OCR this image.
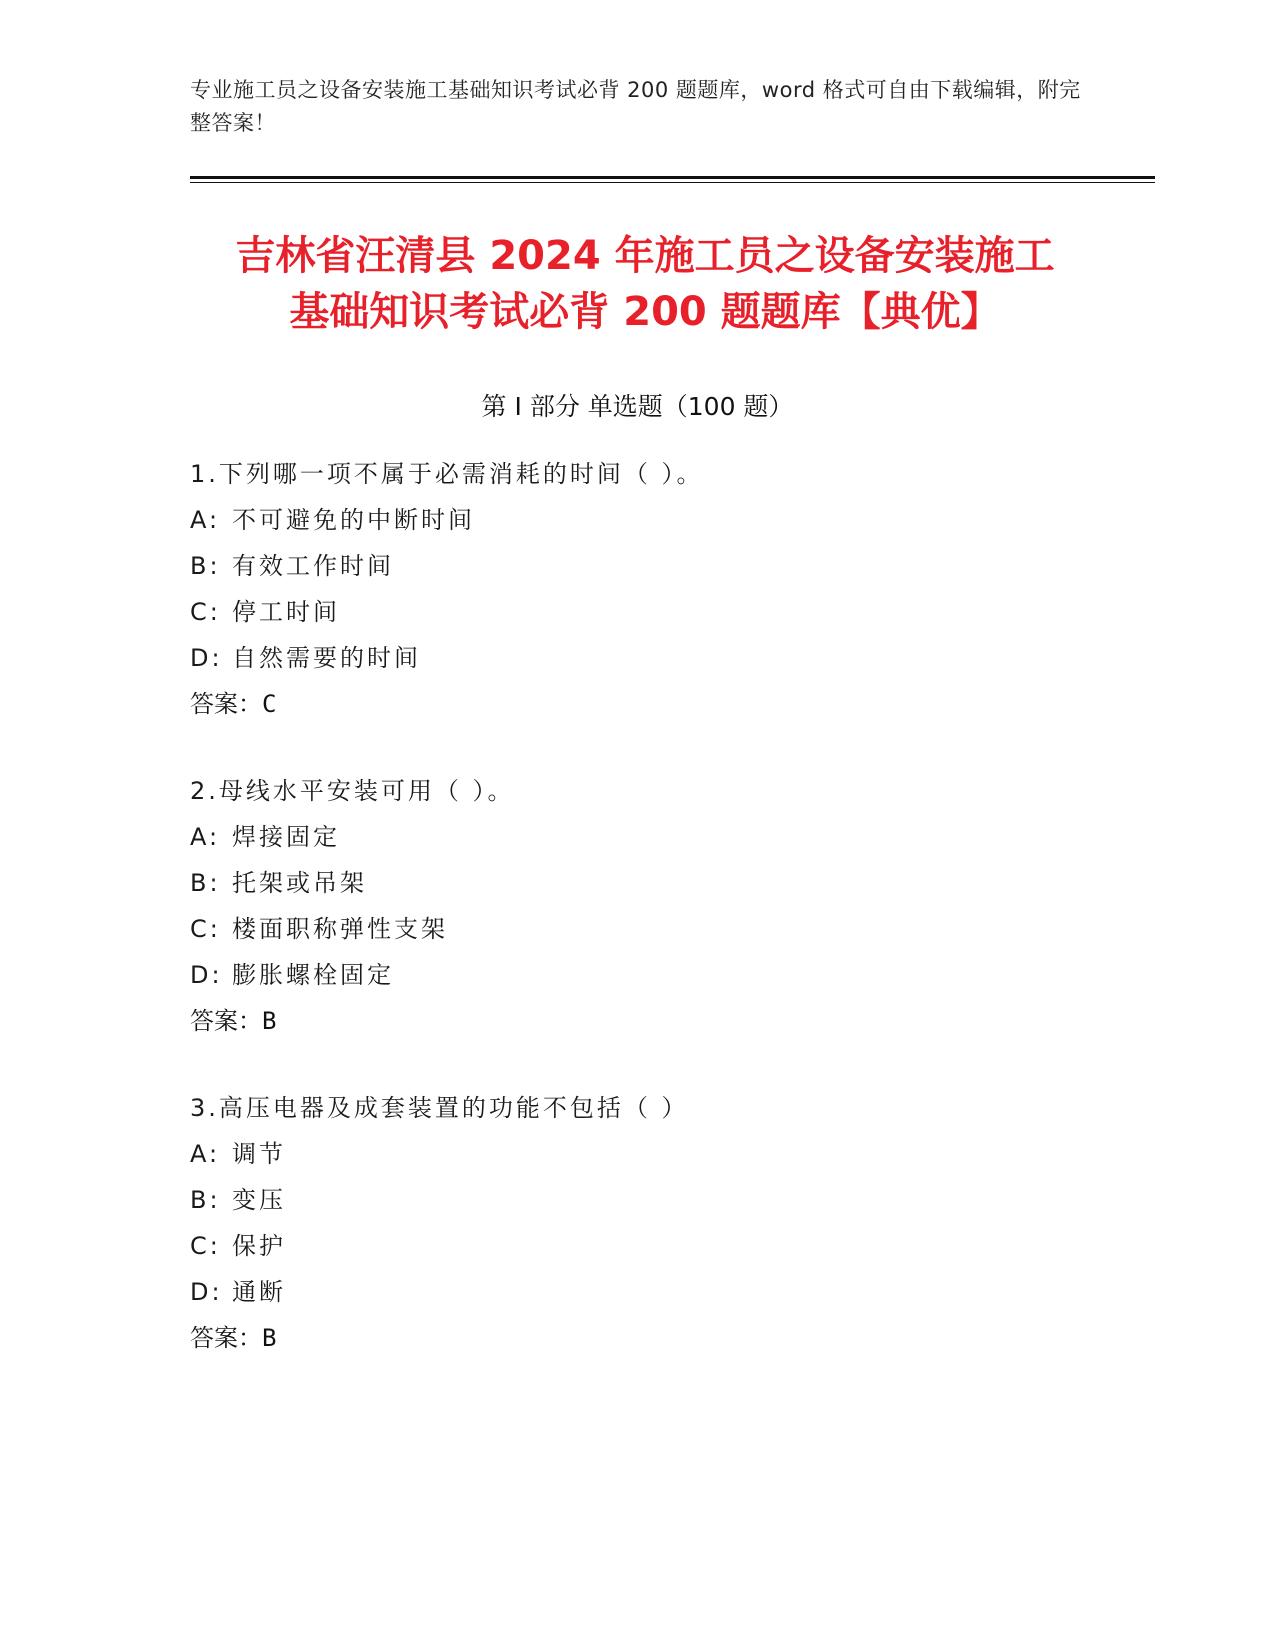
专业施工员之设备安装施工基础知识考试必背 200 题题库，word 格式可自由下载编辑，附完整答案！
吉林省汪清县 2024 年施工员之设备安装施工
基础知识考试必背 200 题题库【典优】
第 I 部分 单选题（100 题）
1.下列哪一项不属于必需消耗的时间（ ）。
A: 不可避免的中断时间
B: 有效工作时间
C: 停工时间
D: 自然需要的时间
答案：C
2.母线水平安装可用（ ）。
A: 焊接固定
B: 托架或吊架
C: 楼面职称弹性支架
D: 膨胀螺栓固定
答案：B
3.高压电器及成套装置的功能不包括（ ）
A: 调节
B: 变压
C: 保护
D: 通断
答案：B
